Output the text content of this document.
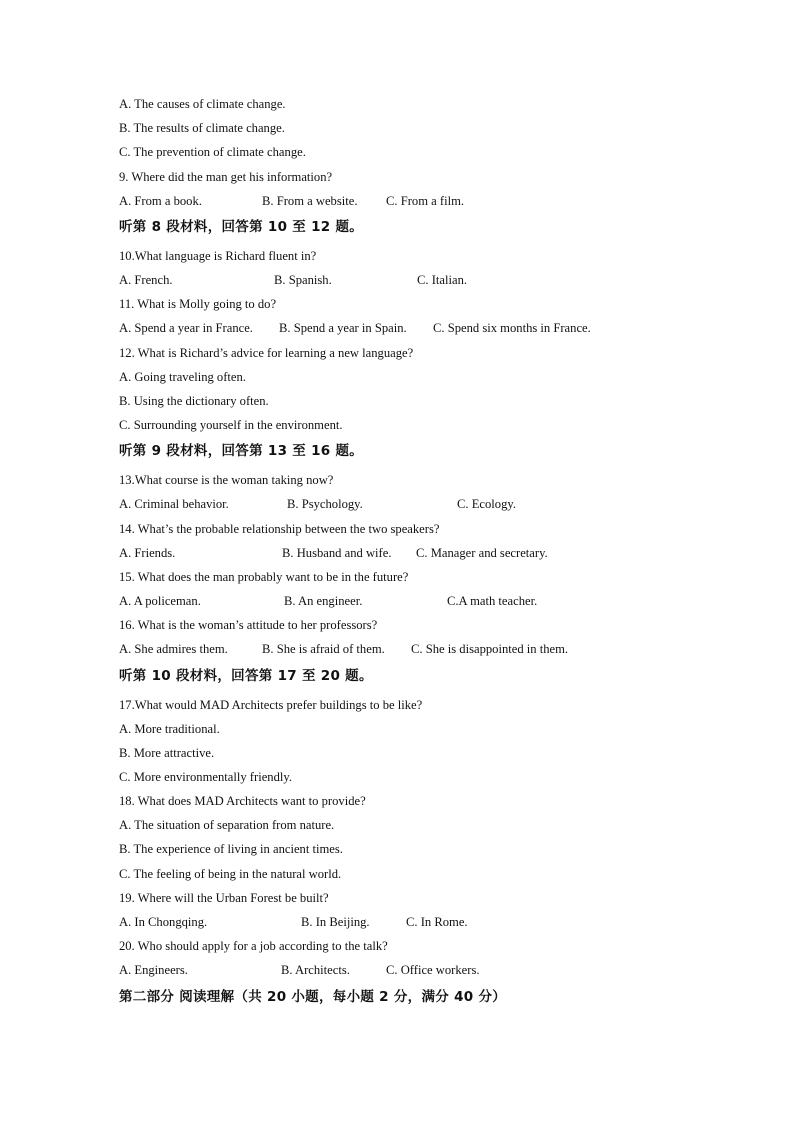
A. The causes of climate change.
B. The results of climate change.
C. The prevention of climate change.
9. Where did the man get his information?

A. From a book.

	B. From a website.

C. From a film.

听第 8 段材料，回答第 10 至 12 题。
10.What language is Richard fluent in?

A. French.

	B. Spanish.

	C. Italian.

11. What is Molly going to do?

A. Spend a year in France.

B. Spend a year in Spain.

C. Spend six months in France.

12. What is Richard’s advice for learning a new language?
A. Going traveling often.
B. Using the dictionary often.
C. Surrounding yourself in the environment.
听第 9 段材料，回答第 13 至 16 题。
13.What course is the woman taking now?

A. Criminal behavior.

	B. Psychology.

	C. Ecology.

14. What’s the probable relationship between the two speakers?

A. Friends.

	B. Husband and wife.

C. Manager and secretary.

15. What does the man probably want to be in the future?

A. A policeman.

	B. An engineer.

	C.A math teacher.

16. What is the woman’s attitude to her professors?

A. She admires them.

	B. She is afraid of them.

C. She is disappointed in them.

听第 10 段材料，回答第 17 至 20 题。
17.What would MAD Architects prefer buildings to be like?
A. More traditional.
B. More attractive.
C. More environmentally friendly.
18. What does MAD Architects want to provide?
A. The situation of separation from nature.
B. The experience of living in ancient times.
C. The feeling of being in the natural world.
19. Where will the Urban Forest be built?

A. In Chongqing.

	B. In Beijing.

	C. In Rome.

20. Who should apply for a job according to the talk?

A. Engineers.

	B. Architects.

	C. Office workers.

第二部分 阅读理解（共 20 小题，每小题 2 分，满分 40 分）
